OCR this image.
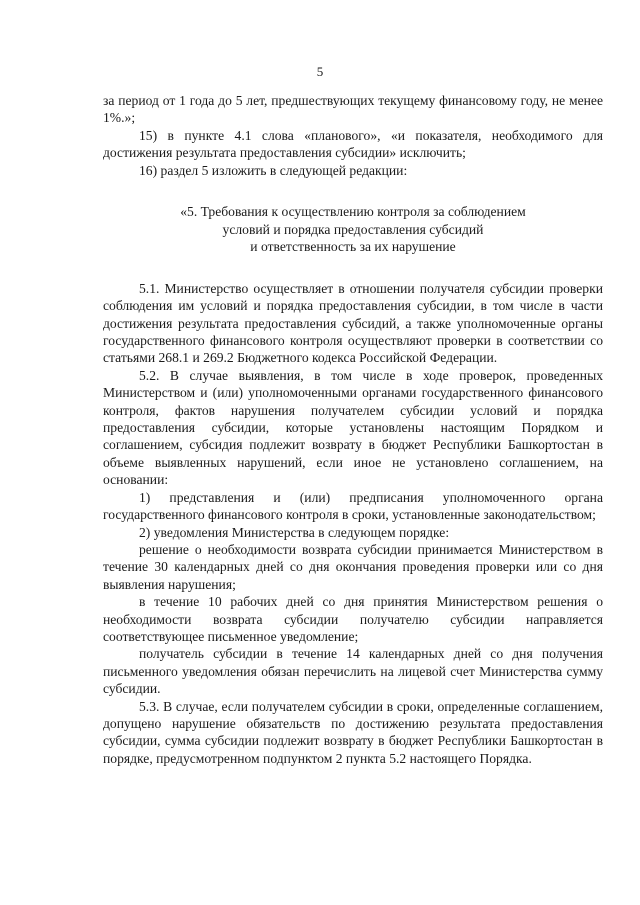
5

за период от 1 года до 5 лет, предшествующих текущему финансовому году, не менее 1%.»;

15) в пункте 4.1 слова «планового», «и показателя, необходимого для достижения результата предоставления субсидии» исключить;

16) раздел 5 изложить в следующей редакции:

«5. Требования к осуществлению контроля за соблюдением
условий и порядка предоставления субсидий
и ответственность за их нарушение

5.1. Министерство осуществляет в отношении получателя субсидии проверки соблюдения им условий и порядка предоставления субсидии, в том числе в части достижения результата предоставления субсидий, а также уполномоченные органы государственного финансового контроля осуществляют проверки в соответствии со статьями 268.1 и 269.2 Бюджетного кодекса Российской Федерации.

5.2. В случае выявления, в том числе в ходе проверок, проведенных Министерством и (или) уполномоченными органами государственного финансового контроля, фактов нарушения получателем субсидии условий и порядка предоставления субсидии, которые установлены настоящим Порядком и соглашением, субсидия подлежит возврату в бюджет Республики Башкортостан в объеме выявленных нарушений, если иное не установлено соглашением, на основании:

1) представления и (или) предписания уполномоченного органа государственного финансового контроля в сроки, установленные законодательством;

2) уведомления Министерства в следующем порядке:

решение о необходимости возврата субсидии принимается Министерством в течение 30 календарных дней со дня окончания проведения проверки или со дня выявления нарушения;

в течение 10 рабочих дней со дня принятия Министерством решения о необходимости возврата субсидии получателю субсидии направляется соответствующее письменное уведомление;

получатель субсидии в течение 14 календарных дней со дня получения письменного уведомления обязан перечислить на лицевой счет Министерства сумму субсидии.

5.3. В случае, если получателем субсидии в сроки, определенные соглашением, допущено нарушение обязательств по достижению результата предоставления субсидии, сумма субсидии подлежит возврату в бюджет Республики Башкортостан в порядке, предусмотренном подпунктом 2 пункта 5.2 настоящего Порядка.
